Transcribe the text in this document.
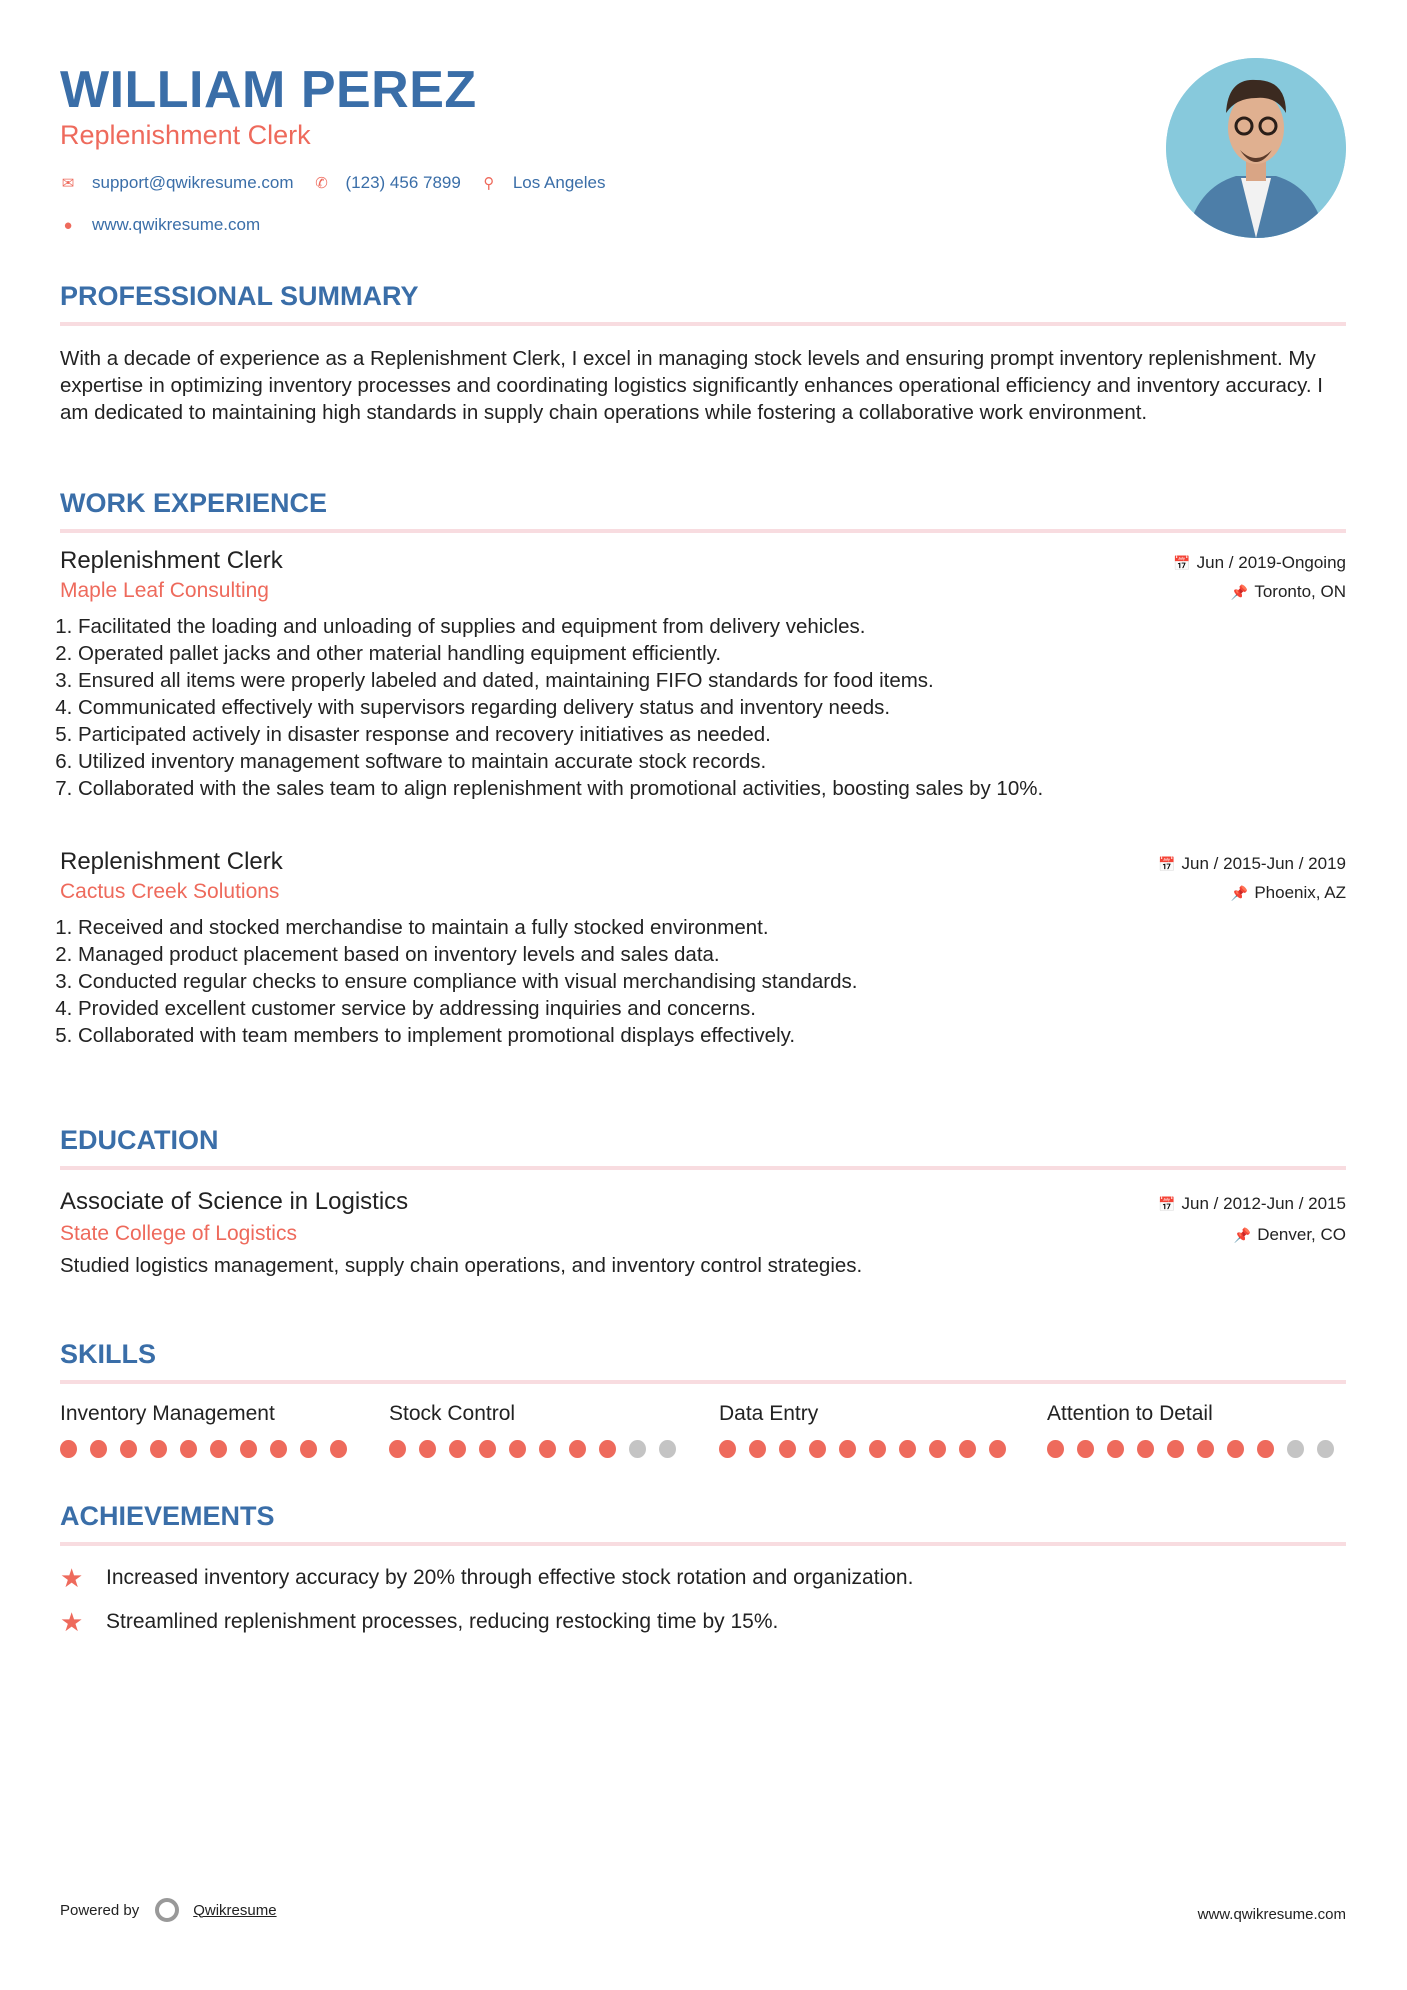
WILLIAM PEREZ
Replenishment Clerk
✉ support@qwikresume.com ✆ (123) 456 7899 ⚲ Los Angeles
● www.qwikresume.com
PROFESSIONAL SUMMARY
With a decade of experience as a Replenishment Clerk, I excel in managing stock levels and ensuring prompt inventory replenishment. My expertise in optimizing inventory processes and coordinating logistics significantly enhances operational efficiency and inventory accuracy. I am dedicated to maintaining high standards in supply chain operations while fostering a collaborative work environment.
WORK EXPERIENCE
Replenishment Clerk	📅 Jun / 2019-Ongoing
Maple Leaf Consulting	📌 Toronto, ON
1. Facilitated the loading and unloading of supplies and equipment from delivery vehicles.
2. Operated pallet jacks and other material handling equipment efficiently.
3. Ensured all items were properly labeled and dated, maintaining FIFO standards for food items.
4. Communicated effectively with supervisors regarding delivery status and inventory needs.
5. Participated actively in disaster response and recovery initiatives as needed.
6. Utilized inventory management software to maintain accurate stock records.
7. Collaborated with the sales team to align replenishment with promotional activities, boosting sales by 10%.
Replenishment Clerk	📅 Jun / 2015-Jun / 2019
Cactus Creek Solutions	📌 Phoenix, AZ
1. Received and stocked merchandise to maintain a fully stocked environment.
2. Managed product placement based on inventory levels and sales data.
3. Conducted regular checks to ensure compliance with visual merchandising standards.
4. Provided excellent customer service by addressing inquiries and concerns.
5. Collaborated with team members to implement promotional displays effectively.
EDUCATION
Associate of Science in Logistics	📅 Jun / 2012-Jun / 2015
State College of Logistics	📌 Denver, CO
Studied logistics management, supply chain operations, and inventory control strategies.
SKILLS
Inventory Management	Stock Control	Data Entry	Attention to Detail
ACHIEVEMENTS
★	Increased inventory accuracy by 20% through effective stock rotation and organization.
★	Streamlined replenishment processes, reducing restocking time by 15%.
Powered by	Qwikresume	www.qwikresume.com
